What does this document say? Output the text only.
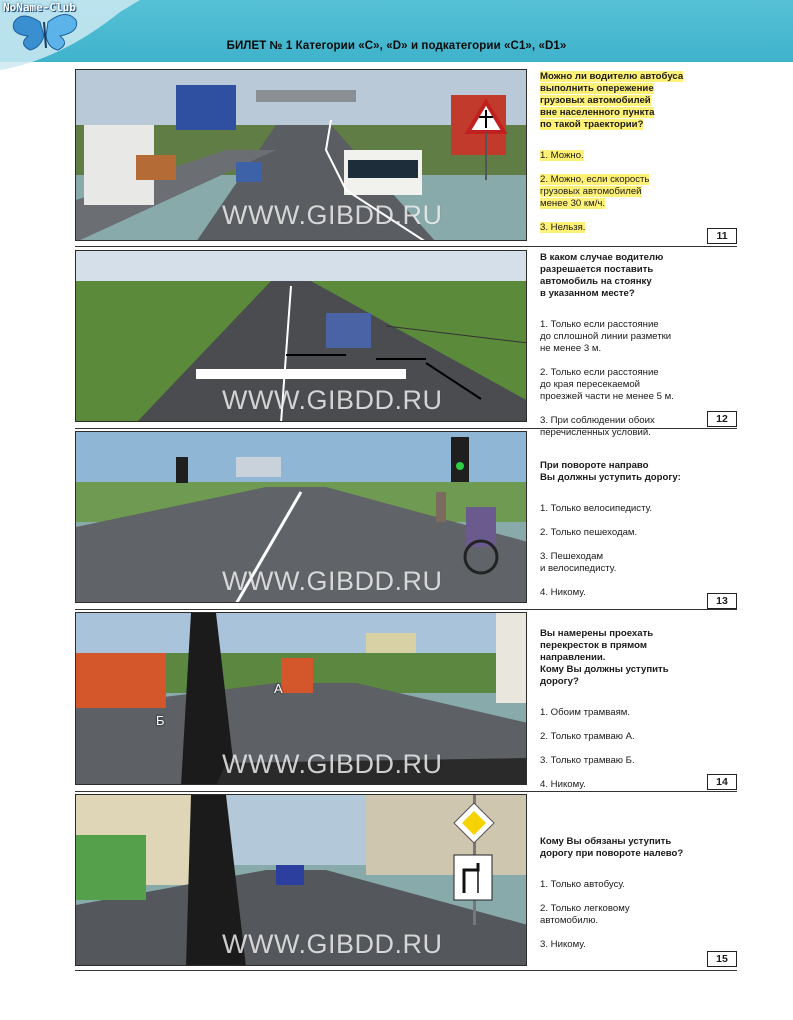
NoName-Club
БИЛЕТ № 1 Категории «C», «D» и подкатегории «C1», «D1»
WWW.GIBDD.RU
Можно ли водителю автобуса
выполнить опережение
грузовых автомобилей
вне населенного пункта
по такой траектории?

1. Можно.

2. Можно, если скорость
грузовых автомобилей
менее 30 км/ч.

3. Нельзя.

11
WWW.GIBDD.RU
В каком случае водителю
разрешается поставить
автомобиль на стоянку
в указанном месте?

1. Только если расстояние
до сплошной линии разметки
не менее 3 м.

2. Только если расстояние
до края пересекаемой
проезжей части не менее 5 м.

3. При соблюдении обоих
перечисленных условий.

12
WWW.GIBDD.RU
При повороте направо
Вы должны уступить дорогу:

1. Только велосипедисту.

2. Только пешеходам.

3. Пешеходам
и велосипедисту.

4. Никому.

13
А
Б
WWW.GIBDD.RU
Вы намерены проехать
перекресток в прямом
направлении.
Кому Вы должны уступить
дорогу?

1. Обоим трамваям.

2. Только трамваю А.

3. Только трамваю Б.

4. Никому.	14
WWW.GIBDD.RU
Кому Вы обязаны уступить
дорогу при повороте налево?

1. Только автобусу.

2. Только легковому
автомобилю.

3. Никому.

15
